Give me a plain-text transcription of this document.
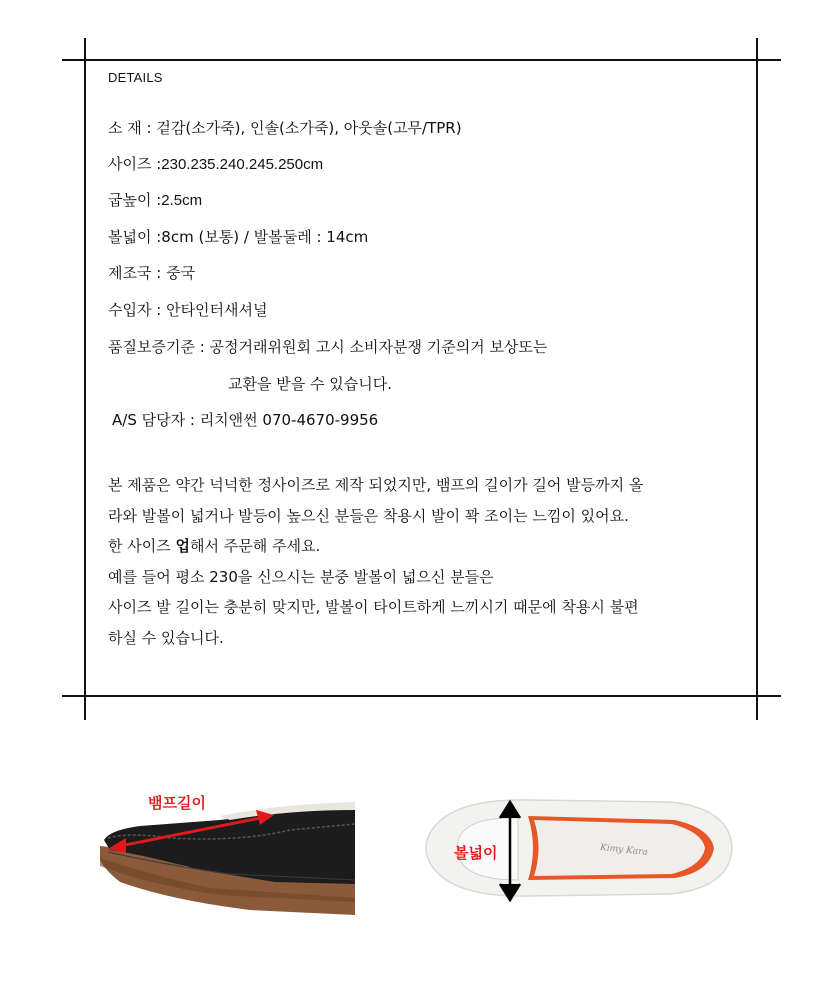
DETAILS
소 재 : 겉감(소가죽), 인솔(소가죽), 아웃솔(고무/TPR)
사이즈 :230.235.240.245.250cm
굽높이 :2.5cm
볼넓이 :8cm (보통) / 발볼둘레 : 14cm
제조국 : 중국
수입자 : 안타인터새셔널
품질보증기준 : 공정거래위원회 고시 소비자분쟁 기준의거 보상또는
교환을 받을 수 있습니다.
A/S 담당자 : 리치앤썬 070-4670-9956

본 제품은 약간 넉넉한 정사이즈로 제작 되었지만, 뱀프의 길이가 길어 발등까지 올

라와 발볼이 넓거나 발등이 높으신 분들은 착용시 발이 꽉 조이는 느낌이 있어요.

한 사이즈 업해서 주문해 주세요.

예를 들어 평소 230을 신으시는 분중 발볼이 넓으신 분들은

사이즈 발 길이는 충분히 맞지만, 발볼이 타이트하게 느끼시기 때문에 착용시 불편

하실 수 있습니다.

뱀프길이
Kimy Kara
볼넓이
